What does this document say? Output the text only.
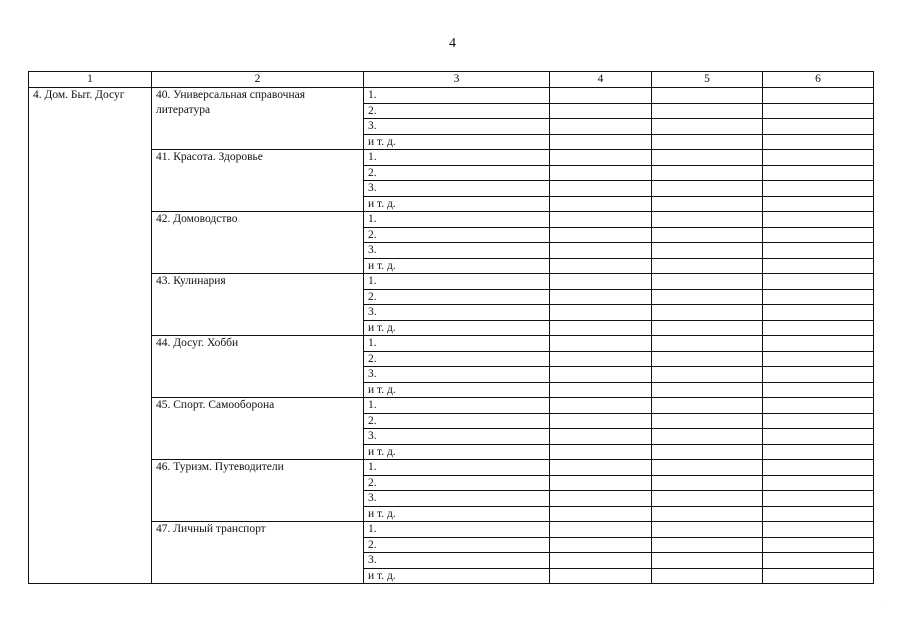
4
1	2	3	4	5	6
4. Дом. Быт. Досуг	40. Универсальная справочная литература	1.			
		2.			
		3.			
		и т. д.			
	41. Красота. Здоровье	1.			
		2.			
		3.			
		и т. д.			
	42. Домоводство	1.			
		2.			
		3.			
		и т. д.			
	43. Кулинария	1.			
		2.			
		3.			
		и т. д.			
	44. Досуг. Хобби	1.			
		2.			
		3.			
		и т. д.			
	45. Спорт. Самооборона	1.			
		2.			
		3.			
		и т. д.			
	46. Туризм. Путеводители	1.			
		2.			
		3.			
		и т. д.			
	47. Личный транспорт	1.			
		2.			
		3.			
		и т. д.			
·
